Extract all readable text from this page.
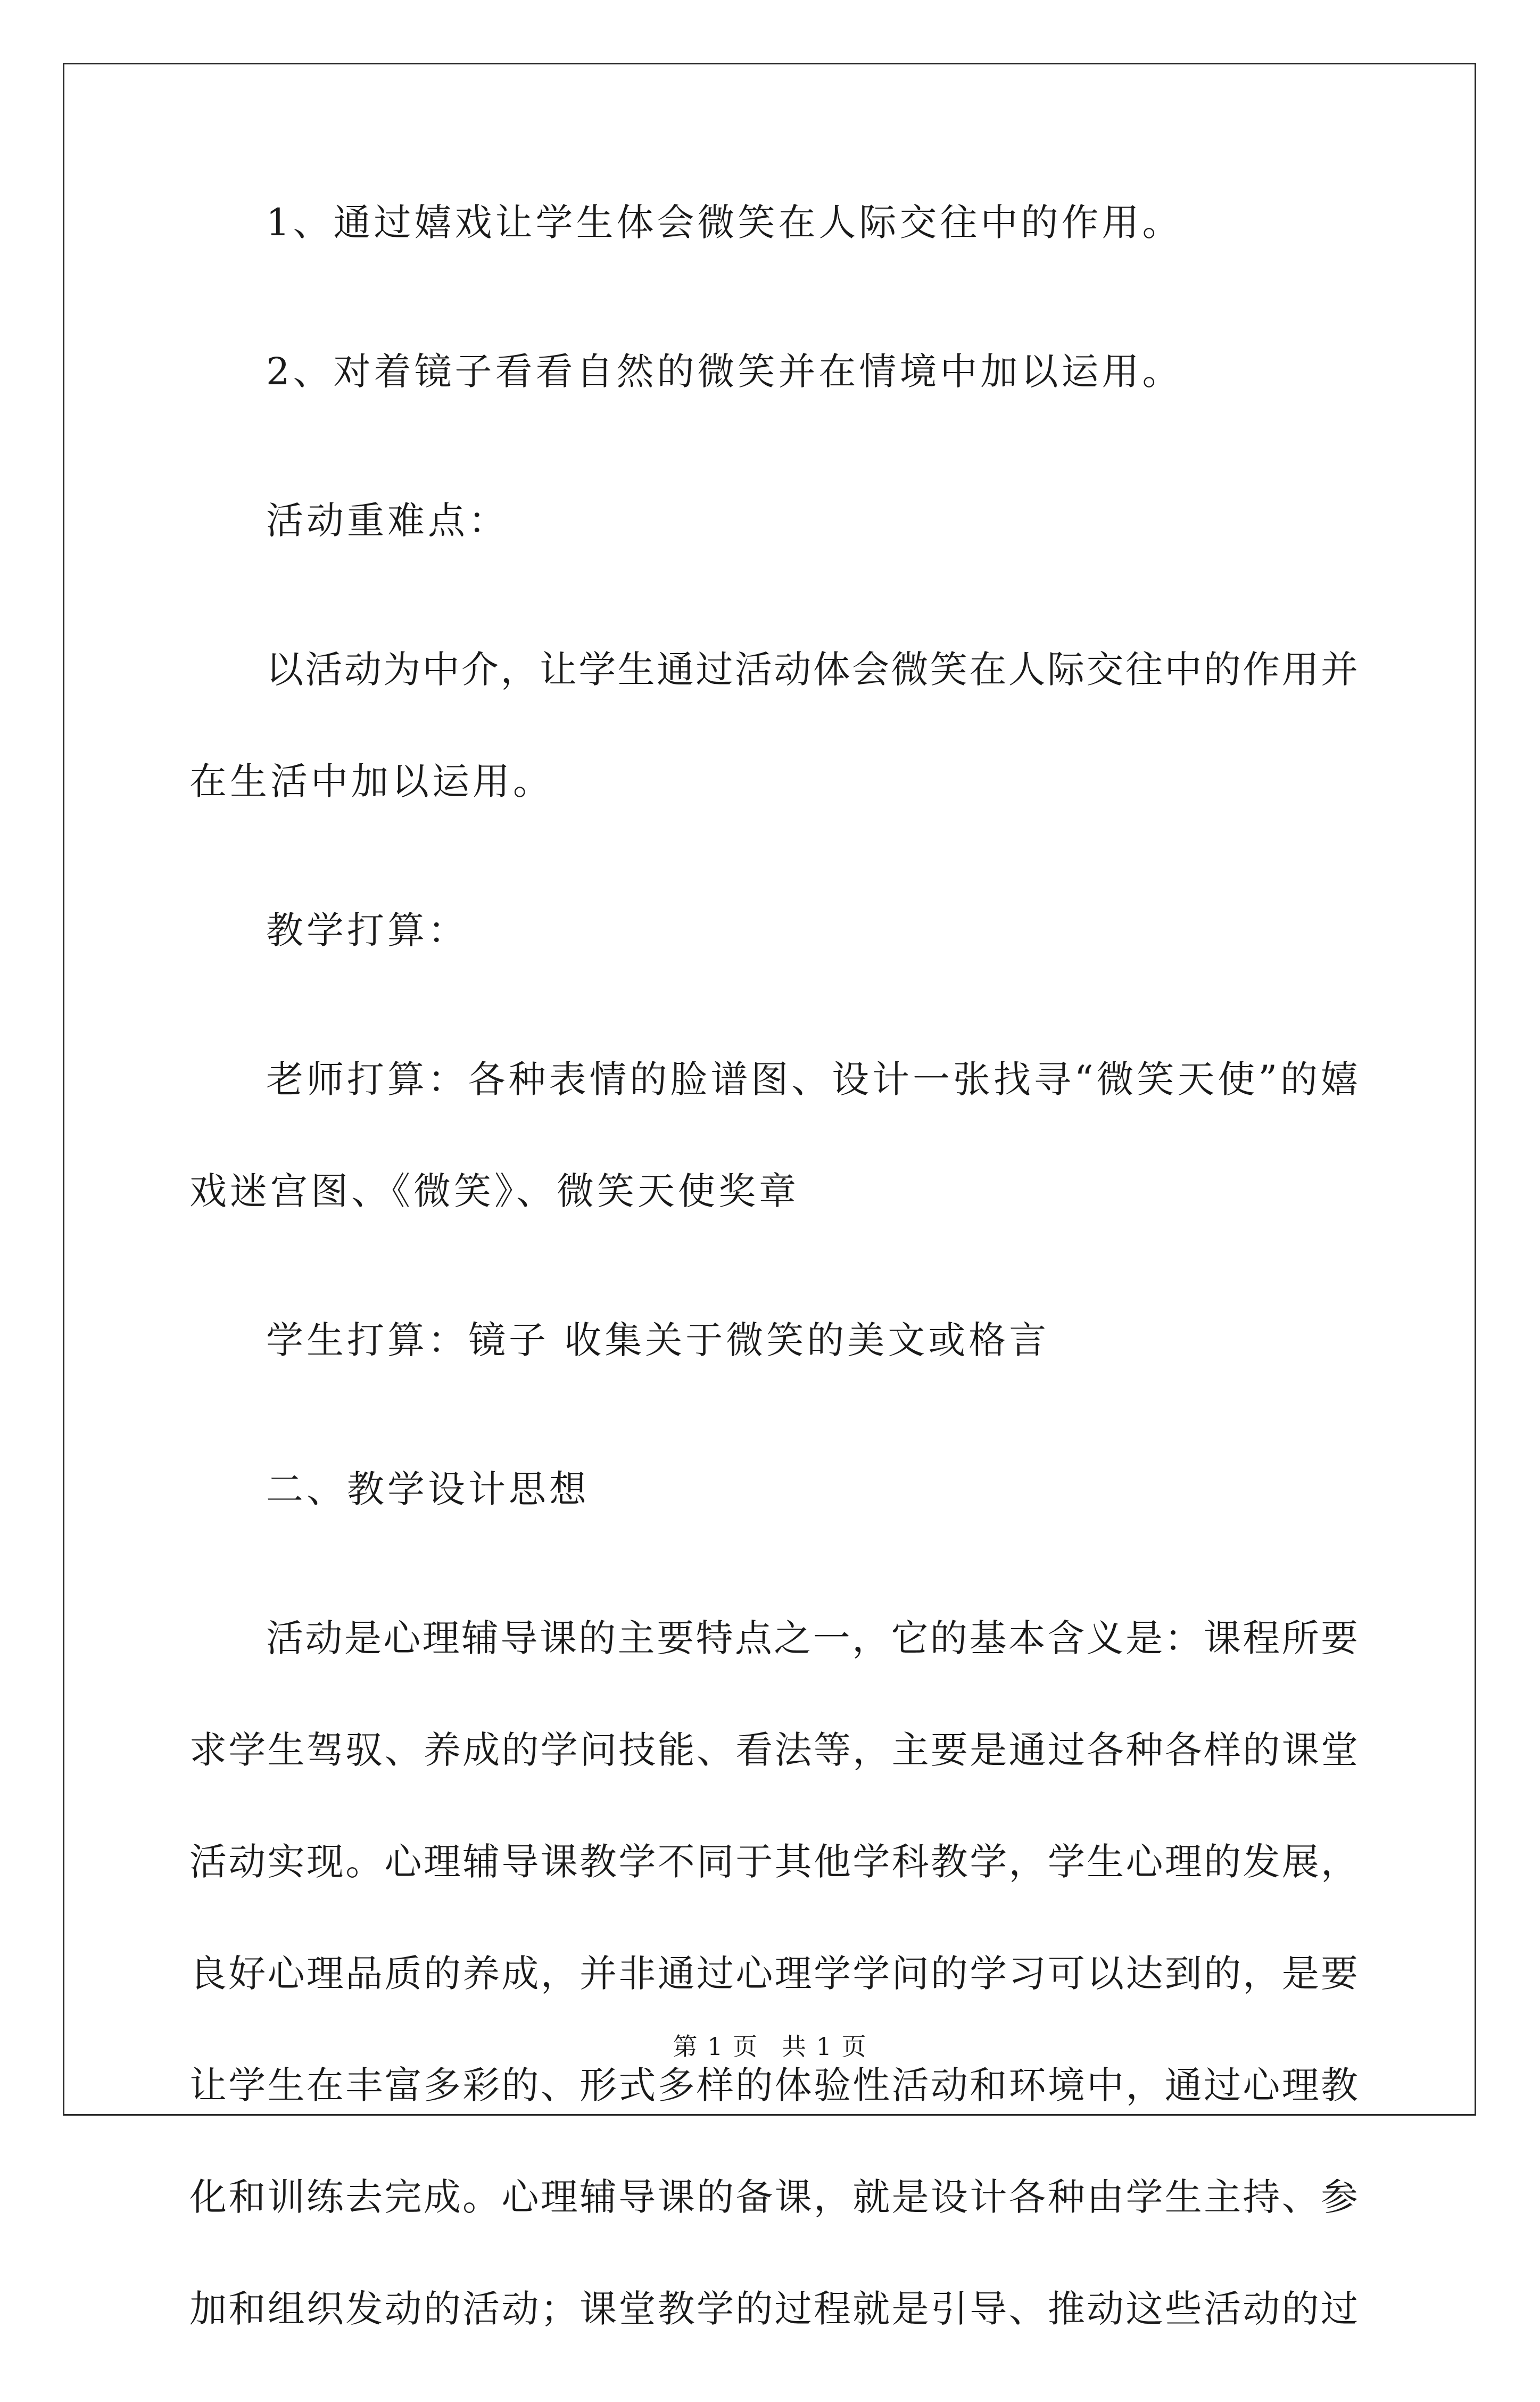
1、通过嬉戏让学生体会微笑在人际交往中的作用。
2、对着镜子看看自然的微笑并在情境中加以运用。
活动重难点：
以活动为中介，让学生通过活动体会微笑在人际交往中的作用并
在生活中加以运用。
教学打算：
老师打算：各种表情的脸谱图、设计一张找寻“微笑天使”的嬉
戏迷宫图、《微笑》、微笑天使奖章
学生打算：镜子 收集关于微笑的美文或格言
二、教学设计思想
活动是心理辅导课的主要特点之一，它的基本含义是：课程所要
求学生驾驭、养成的学问技能、看法等，主要是通过各种各样的课堂
活动实现。心理辅导课教学不同于其他学科教学，学生心理的发展，
良好心理品质的养成，并非通过心理学学问的学习可以达到的，是要
让学生在丰富多彩的、形式多样的体验性活动和环境中，通过心理教
化和训练去完成。心理辅导课的备课，就是设计各种由学生主持、参
加和组织发动的活动；课堂教学的过程就是引导、推动这些活动的过
第 1 页 共 1 页
